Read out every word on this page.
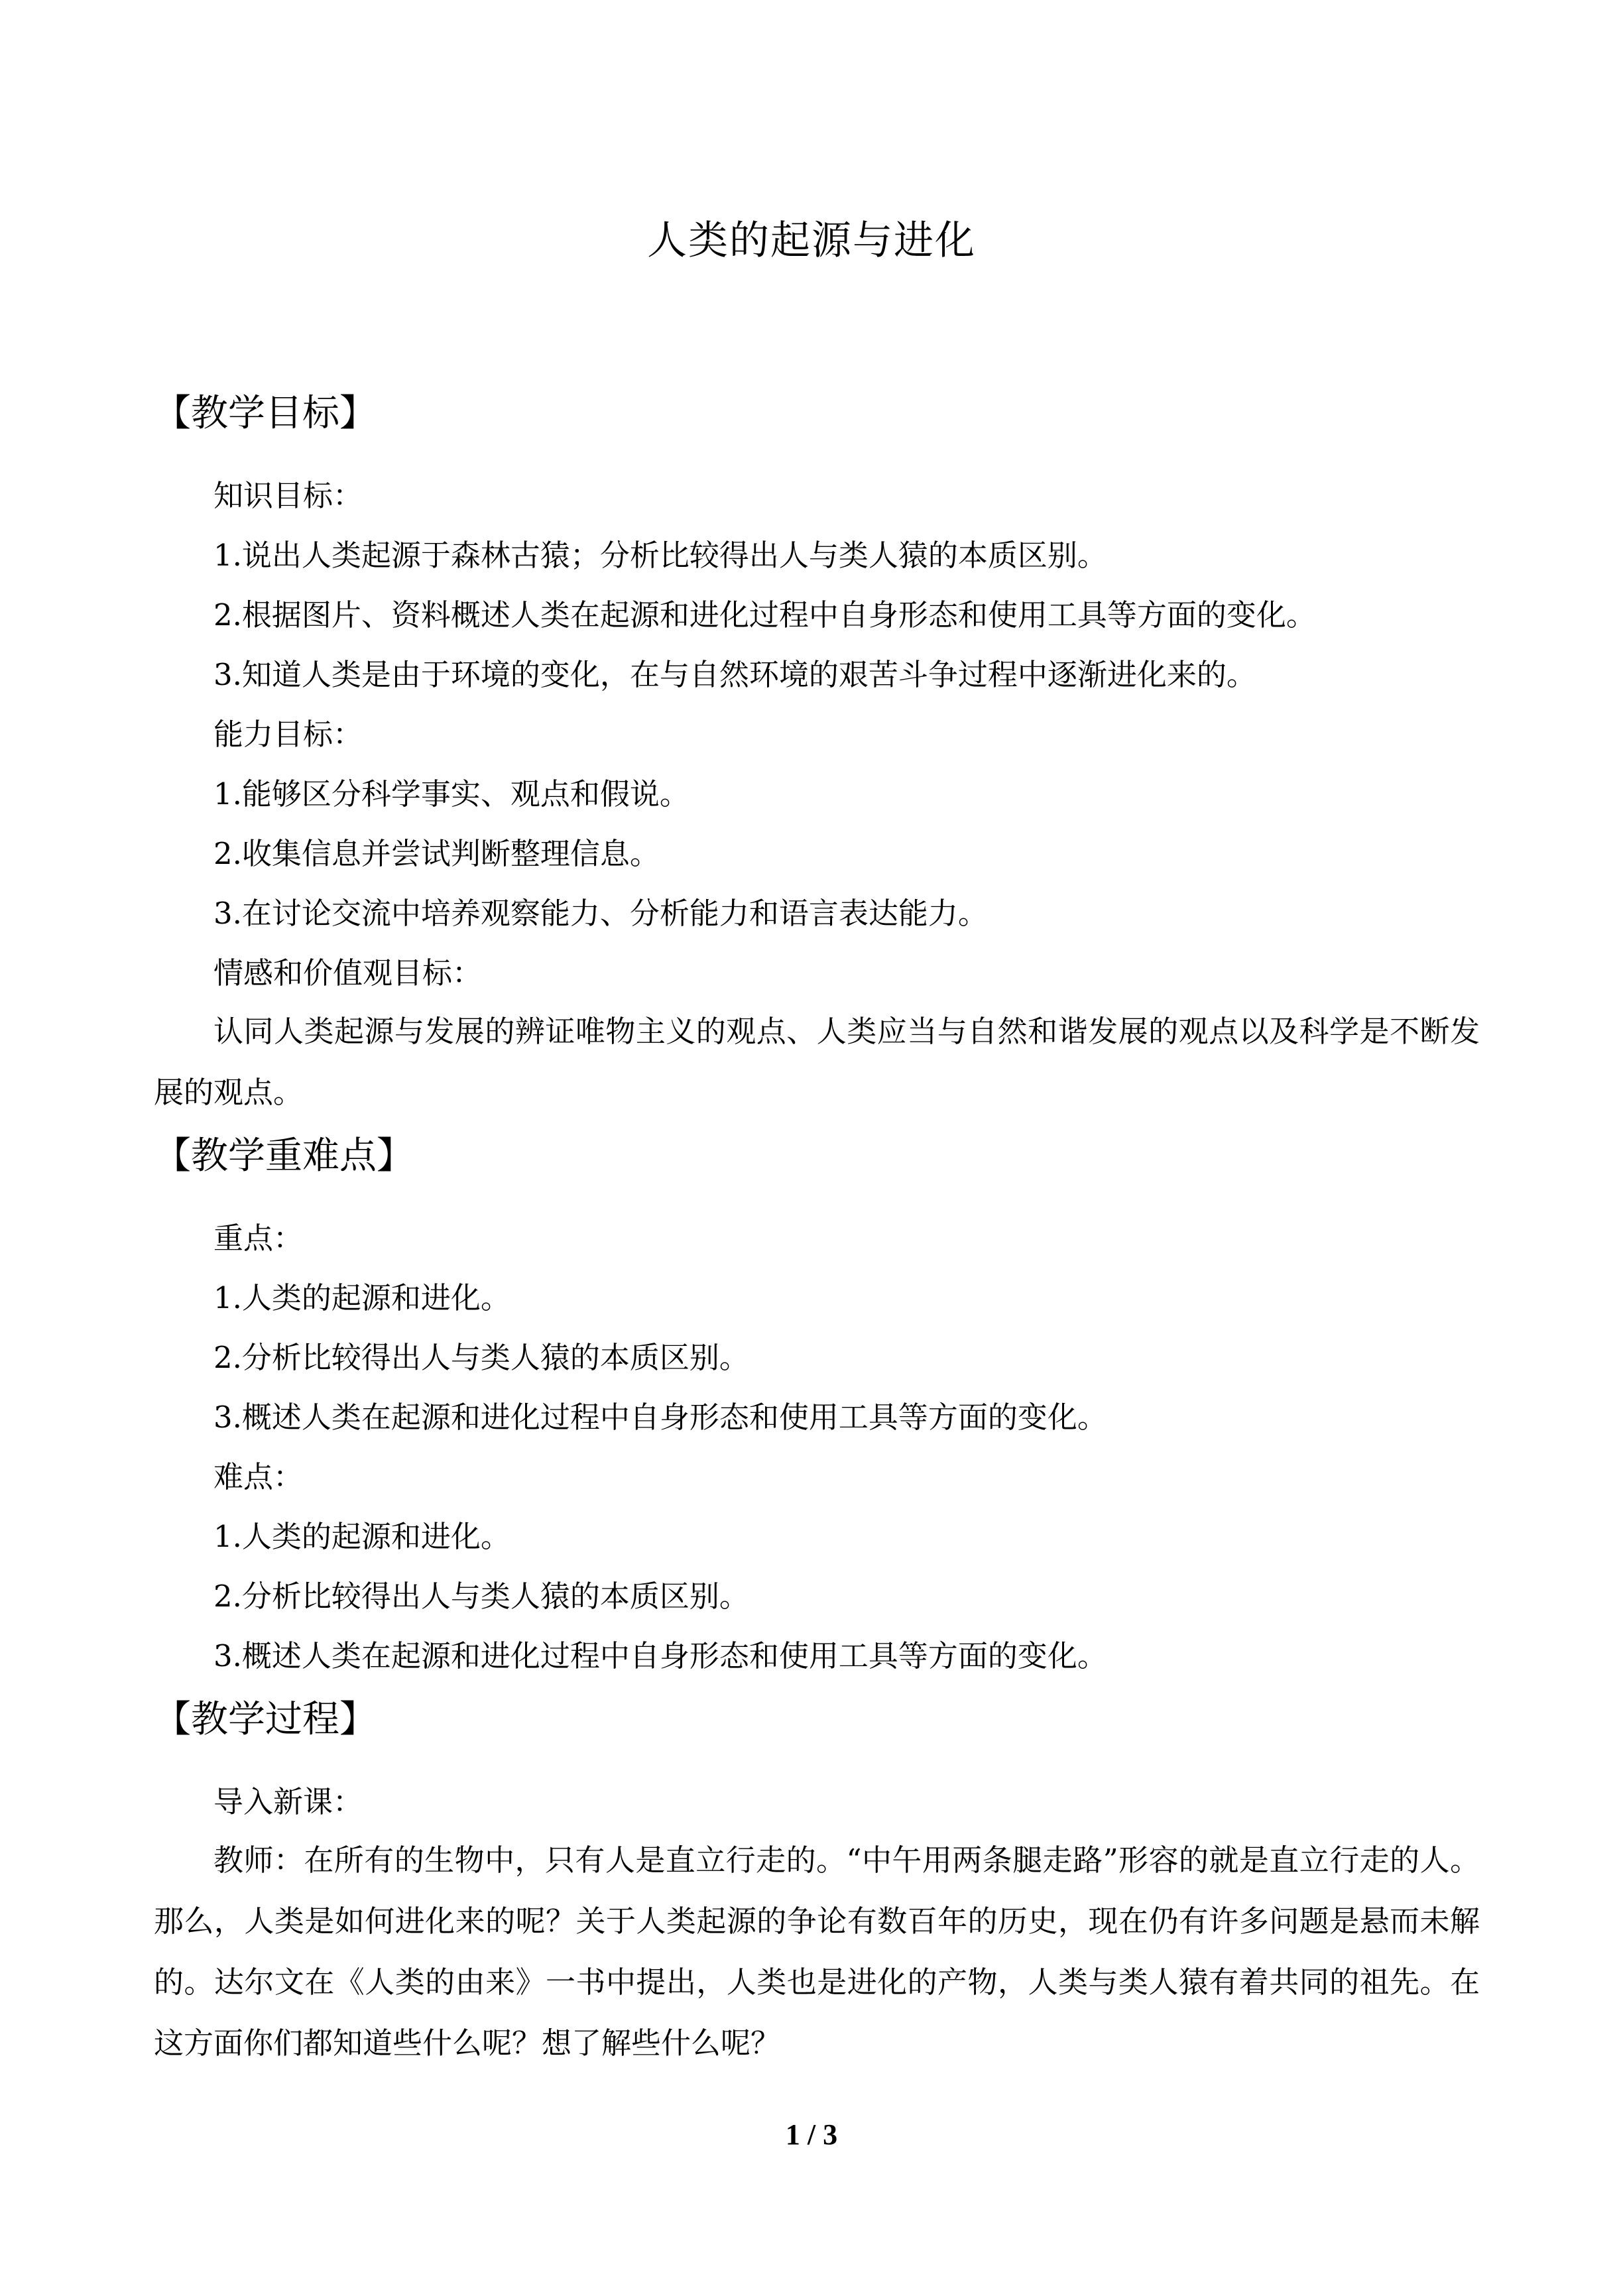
人类的起源与进化
【教学目标】
知识目标：
1.说出人类起源于森林古猿；分析比较得出人与类人猿的本质区别。
2.根据图片、资料概述人类在起源和进化过程中自身形态和使用工具等方面的变化。
3.知道人类是由于环境的变化，在与自然环境的艰苦斗争过程中逐渐进化来的。
能力目标：
1.能够区分科学事实、观点和假说。
2.收集信息并尝试判断整理信息。
3.在讨论交流中培养观察能力、分析能力和语言表达能力。
情感和价值观目标：
认同人类起源与发展的辨证唯物主义的观点、人类应当与自然和谐发展的观点以及科学是不断发展的观点。
【教学重难点】
重点：
1.人类的起源和进化。
2.分析比较得出人与类人猿的本质区别。
3.概述人类在起源和进化过程中自身形态和使用工具等方面的变化。
难点：
1.人类的起源和进化。
2.分析比较得出人与类人猿的本质区别。
3.概述人类在起源和进化过程中自身形态和使用工具等方面的变化。
【教学过程】
导入新课：
教师：在所有的生物中，只有人是直立行走的。“中午用两条腿走路”形容的就是直立行走的人。那么，人类是如何进化来的呢？关于人类起源的争论有数百年的历史，现在仍有许多问题是悬而未解的。达尔文在《人类的由来》一书中提出，人类也是进化的产物，人类与类人猿有着共同的祖先。在这方面你们都知道些什么呢？想了解些什么呢？
1 / 3
